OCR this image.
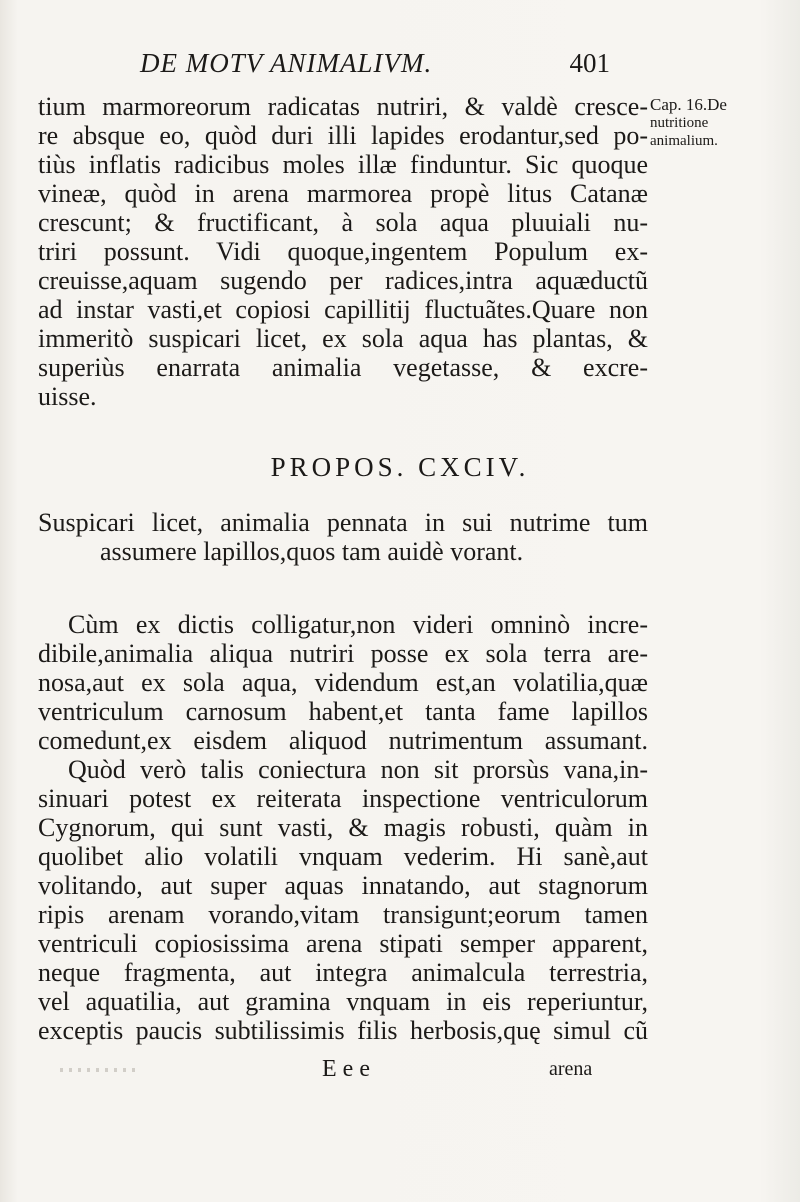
DE MOTV ANIMALIVM.	401
Cap. 16.De
nutritione
animalium.
tium marmoreorum radicatas nutriri, & valdè cresce-
re absque eo, quòd duri illi lapides erodantur,sed po-
tiùs inflatis radicibus moles illæ finduntur. Sic quoque
vineæ, quòd in arena marmorea propè litus Catanæ
crescunt; & fructificant, à sola aqua pluuiali nu-
triri possunt. Vidi quoque,ingentem Populum ex-
creuisse,aquam sugendo per radices,intra aquæductũ
ad instar vasti,et copiosi capillitij fluctuãtes.Quare non
immeritò suspicari licet, ex sola aqua has plantas, &
superiùs enarrata animalia vegetasse, & excre-
uisse.
PROPOS. CXCIV.
Suspicari licet, animalia pennata in sui nutrime tum
assumere lapillos,quos tam auidè vorant.
Cùm ex dictis colligatur,non videri omninò incre-
dibile,animalia aliqua nutriri posse ex sola terra are-
nosa,aut ex sola aqua, videndum est,an volatilia,quæ
ventriculum carnosum habent,et tanta fame lapillos
comedunt,ex eisdem aliquod nutrimentum assumant.
Quòd verò talis coniectura non sit prorsùs vana,in-
sinuari potest ex reiterata inspectione ventriculorum
Cygnorum, qui sunt vasti, & magis robusti, quàm in
quolibet alio volatili vnquam vederim. Hi sanè,aut
volitando, aut super aquas innatando, aut stagnorum
ripis arenam vorando,vitam transigunt;eorum tamen
ventriculi copiosissima arena stipati semper apparent,
neque fragmenta, aut integra animalcula terrestria,
vel aquatilia, aut gramina vnquam in eis reperiuntur,
exceptis paucis subtilissimis filis herbosis,quę simul cũ
Eee	arena
